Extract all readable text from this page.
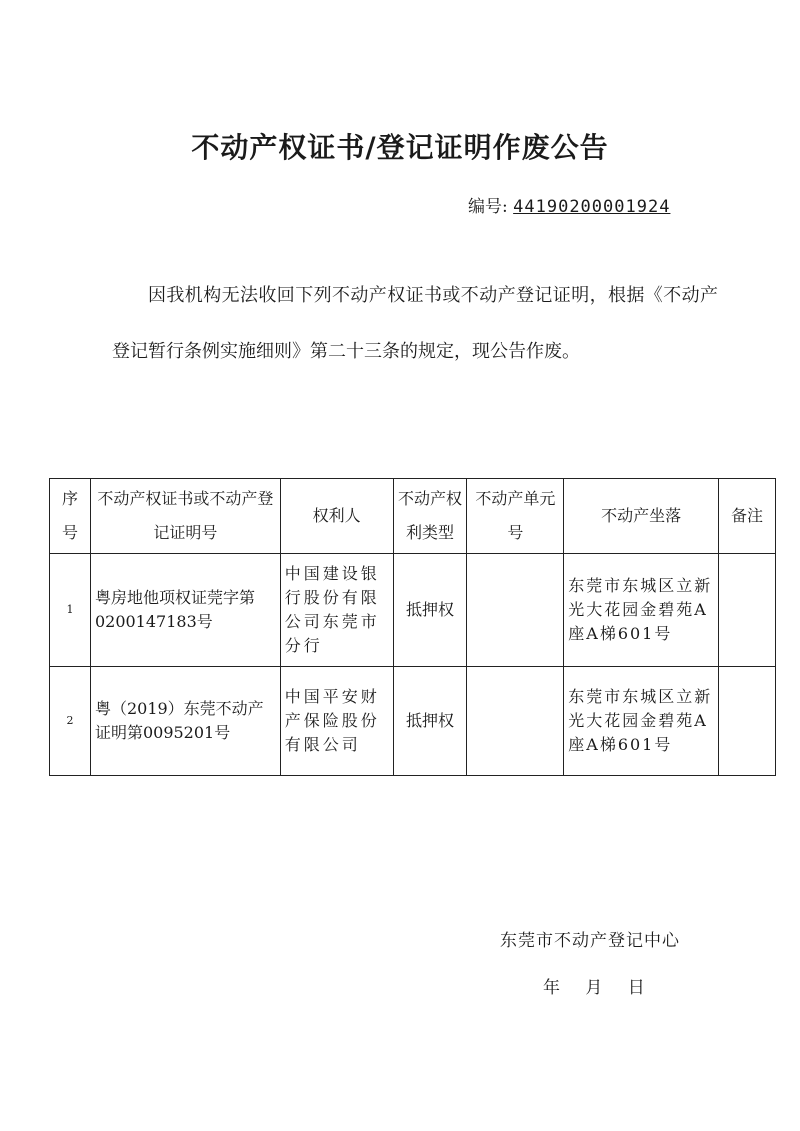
不动产权证书/登记证明作废公告
编号: 44190200001924
因我机构无法收回下列不动产权证书或不动产登记证明，根据《不动产登记暂行条例实施细则》第二十三条的规定，现公告作废。
序号	不动产权证书或不动产登记证明号	权利人	不动产权利类型	不动产单元号	不动产坐落	备注
1	粤房地他项权证莞字第0200147183号	中国建设银行股份有限公司东莞市分行	抵押权		东莞市东城区立新光大花园金碧苑A座A梯601号	
2	粤（2019）东莞不动产证明第0095201号	中国平安财产保险股份有限公司	抵押权		东莞市东城区立新光大花园金碧苑A座A梯601号	
东莞市不动产登记中心
年 月 日
